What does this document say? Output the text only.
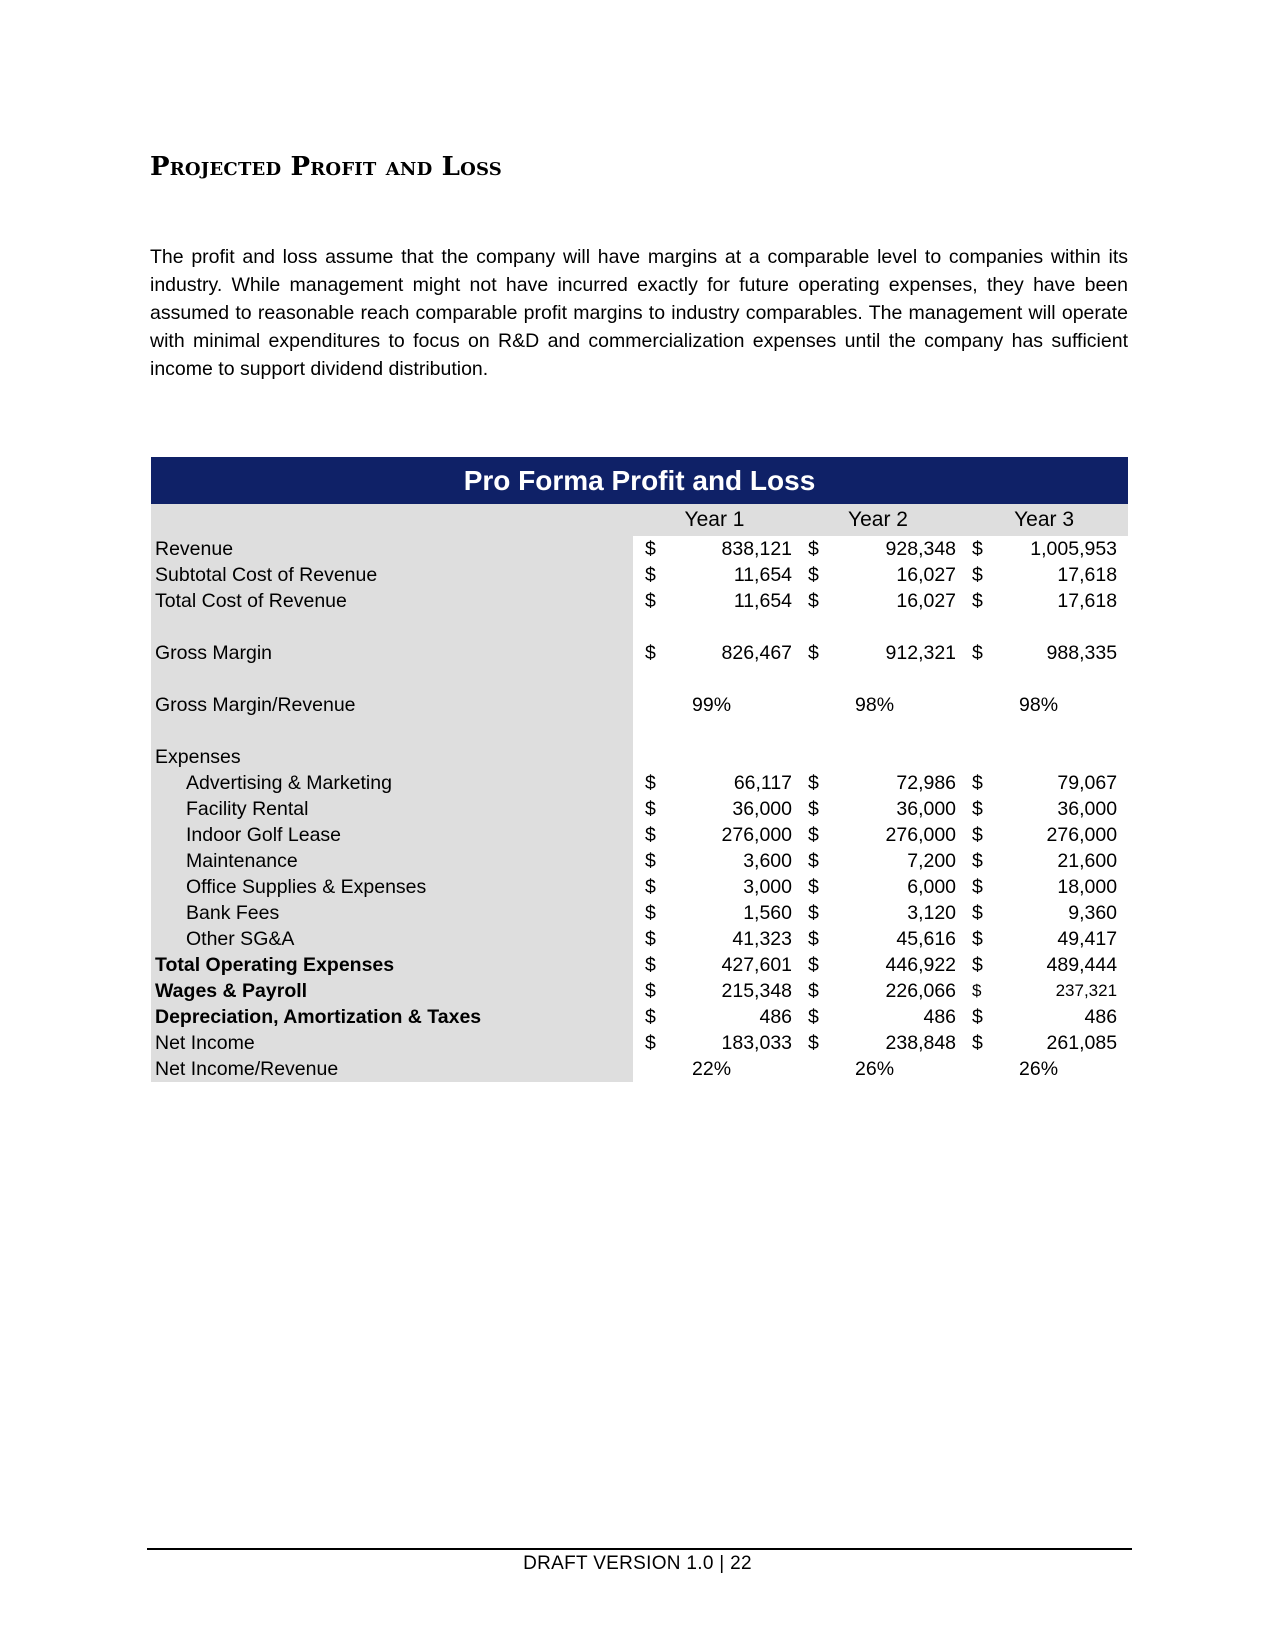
Projected Profit and Loss
The profit and loss assume that the company will have margins at a comparable level to companies within its industry. While management might not have incurred exactly for future operating expenses, they have been assumed to reasonable reach comparable profit margins to industry comparables. The management will operate with minimal expenditures to focus on R&D and commercialization expenses until the company has sufficient income to support dividend distribution.
Pro Forma Profit and Loss
	Year 1		Year 2		Year 3	
Revenue	$	838,121	$	928,348	$	1,005,953
Subtotal Cost of Revenue	$	11,654	$	16,027	$	17,618
Total Cost of Revenue	$	11,654	$	16,027	$	17,618

Gross Margin	$	826,467	$	912,321	$	988,335

Gross Margin/Revenue	99%		98%		98%	

Expenses						
Advertising & Marketing	$	66,117	$	72,986	$	79,067
Facility Rental	$	36,000	$	36,000	$	36,000
Indoor Golf Lease	$	276,000	$	276,000	$	276,000
Maintenance	$	3,600	$	7,200	$	21,600
Office Supplies & Expenses	$	3,000	$	6,000	$	18,000
Bank Fees	$	1,560	$	3,120	$	9,360
Other SG&A	$	41,323	$	45,616	$	49,417
Total Operating Expenses	$	427,601	$	446,922	$	489,444
Wages & Payroll	$	215,348	$	226,066	$	237,321
Depreciation, Amortization & Taxes	$	486	$	486	$	486
Net Income	$	183,033	$	238,848	$	261,085
Net Income/Revenue	22%		26%		26%	
DRAFT VERSION 1.0 | 22
